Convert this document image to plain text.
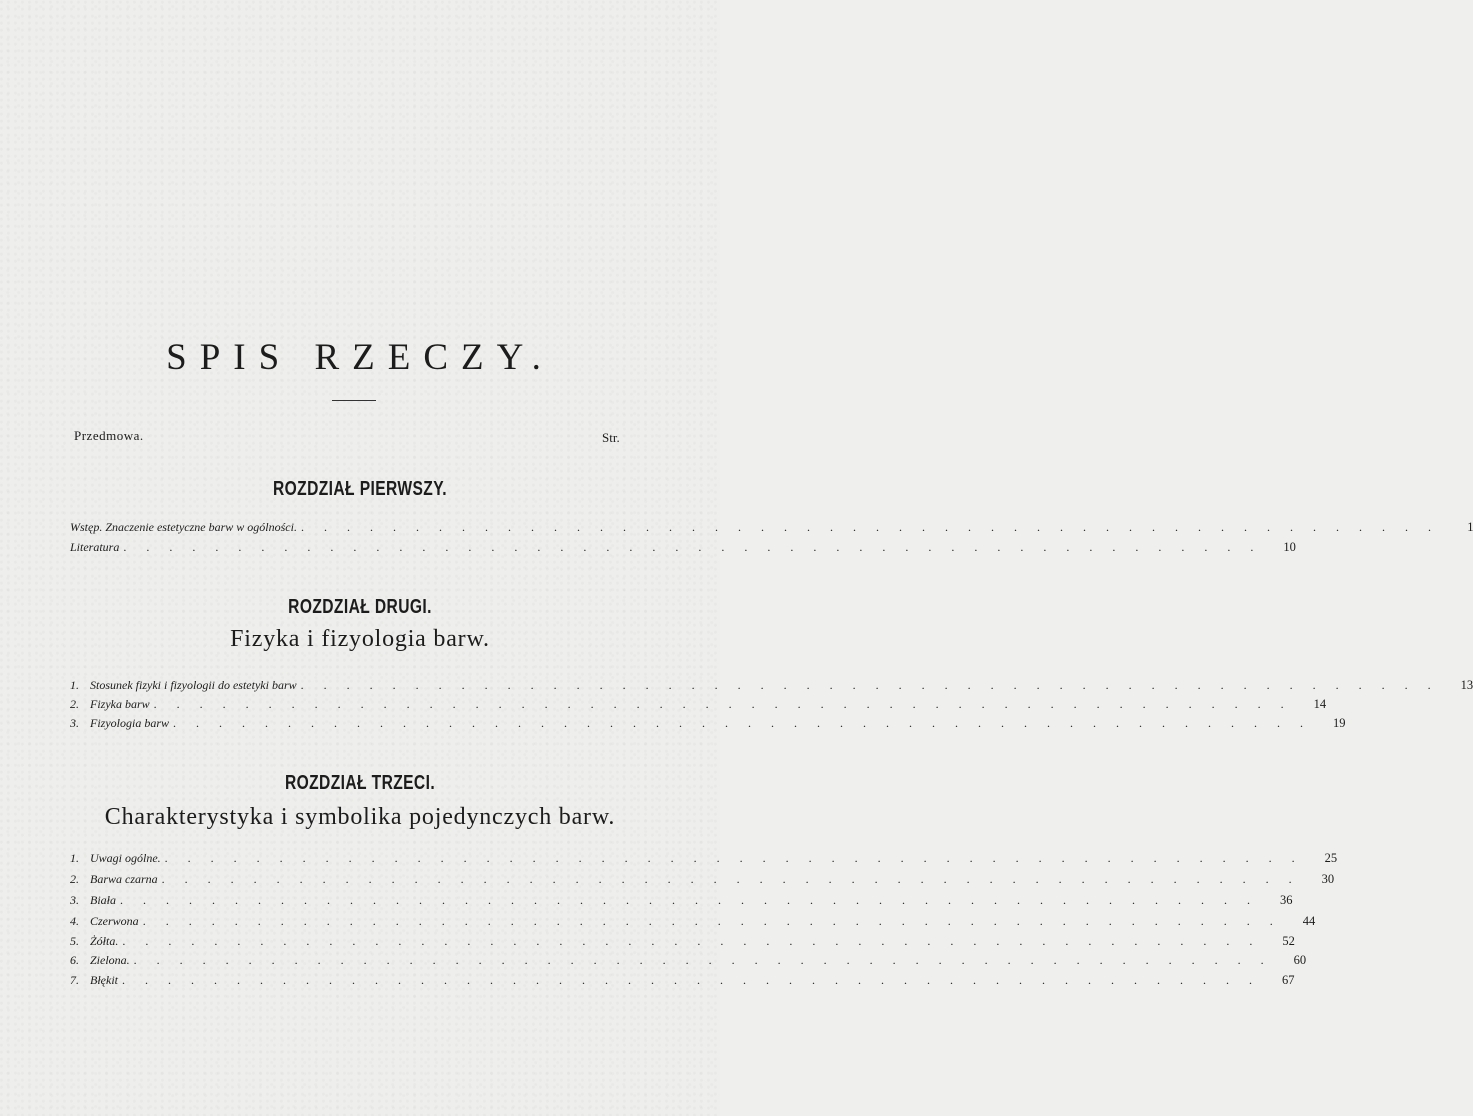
SPIS RZECZY.
Przedmowa.	Str.
ROZDZIAŁ PIERWSZY.
Wstęp. Znaczenie estetyczne barw w ogólności. . . . . . . . . . . . . . . . . . . . . . . . . . . . . . . . . . . . . . . . . . . . . . . . . . .	1
Literatura . . . . . . . . . . . . . . . . . . . . . . . . . . . . . . . . . . . . . . . . . . . . . . . . . .	10
ROZDZIAŁ DRUGI.
Fizyka i fizyologia barw.
1. Stosunek fizyki i fizyologii do estetyki barw . . . . . . . . . . . . . . . . . . . . . . . . . . . . . . . . . . . . . . . . . . . . . . . . . .	13
2. Fizyka barw . . . . . . . . . . . . . . . . . . . . . . . . . . . . . . . . . . . . . . . . . . . . . . . . . .	14
3. Fizyologia barw . . . . . . . . . . . . . . . . . . . . . . . . . . . . . . . . . . . . . . . . . . . . . . . . . .	19
ROZDZIAŁ TRZECI.
Charakterystyka i symbolika pojedynczych barw.
1. Uwagi ogólne. . . . . . . . . . . . . . . . . . . . . . . . . . . . . . . . . . . . . . . . . . . . . . . . . . .	25
2. Barwa czarna . . . . . . . . . . . . . . . . . . . . . . . . . . . . . . . . . . . . . . . . . . . . . . . . . .	30
3. Biała . . . . . . . . . . . . . . . . . . . . . . . . . . . . . . . . . . . . . . . . . . . . . . . . . .	36
4. Czerwona . . . . . . . . . . . . . . . . . . . . . . . . . . . . . . . . . . . . . . . . . . . . . . . . . .	44
5. Żółta. . . . . . . . . . . . . . . . . . . . . . . . . . . . . . . . . . . . . . . . . . . . . . . . . . .	52
6. Zielona. . . . . . . . . . . . . . . . . . . . . . . . . . . . . . . . . . . . . . . . . . . . . . . . . . .	60
7. Błękit . . . . . . . . . . . . . . . . . . . . . . . . . . . . . . . . . . . . . . . . . . . . . . . . . .	67
